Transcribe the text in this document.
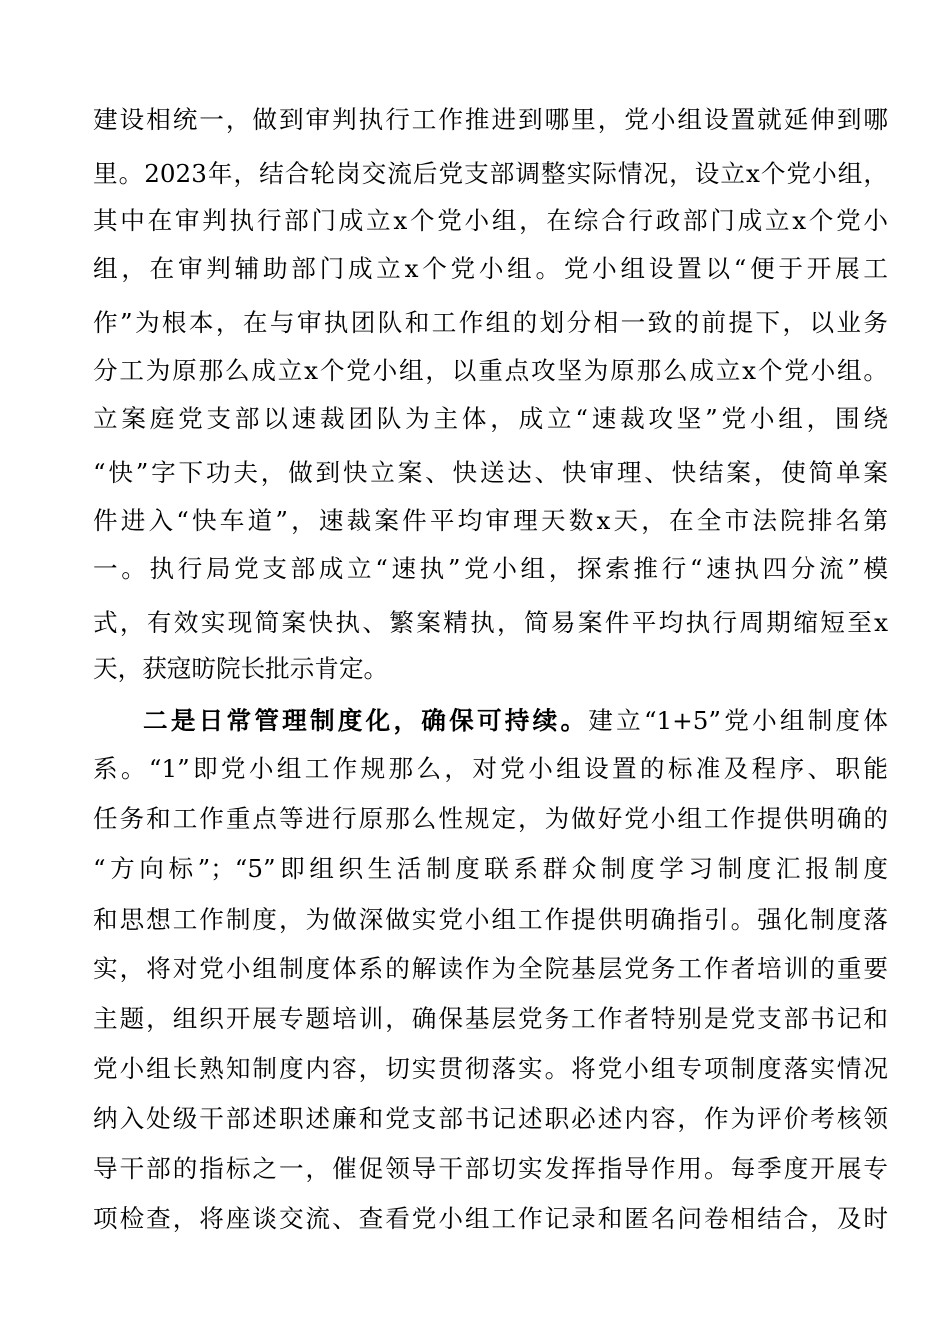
建设相统一，做到审判执行工作推进到哪里，党小组设置就延伸到哪
里。2023年，结合轮岗交流后党支部调整实际情况，设立x个党小组，
其中在审判执行部门成立x个党小组，在综合行政部门成立x个党小
组，在审判辅助部门成立x个党小组。党小组设置以“便于开展工
作”为根本，在与审执团队和工作组的划分相一致的前提下，以业务
分工为原那么成立x个党小组，以重点攻坚为原那么成立x个党小组。
立案庭党支部以速裁团队为主体，成立“速裁攻坚”党小组，围绕
“快”字下功夫，做到快立案、快送达、快审理、快结案，使简单案
件进入“快车道”，速裁案件平均审理天数x天，在全市法院排名第
一。执行局党支部成立“速执”党小组，探索推行“速执四分流”模
式，有效实现简案快执、繁案精执，简易案件平均执行周期缩短至x
天，获寇昉院长批示肯定。
二是日常管理制度化，确保可持续。建立“1+5”党小组制度体
系。“1”即党小组工作规那么，对党小组设置的标准及程序、职能
任务和工作重点等进行原那么性规定，为做好党小组工作提供明确的
“方向标”；“5”即组织生活制度联系群众制度学习制度汇报制度
和思想工作制度，为做深做实党小组工作提供明确指引。强化制度落
实，将对党小组制度体系的解读作为全院基层党务工作者培训的重要
主题，组织开展专题培训，确保基层党务工作者特别是党支部书记和
党小组长熟知制度内容，切实贯彻落实。将党小组专项制度落实情况
纳入处级干部述职述廉和党支部书记述职必述内容，作为评价考核领
导干部的指标之一，催促领导干部切实发挥指导作用。每季度开展专
项检查，将座谈交流、查看党小组工作记录和匿名问卷相结合，及时
